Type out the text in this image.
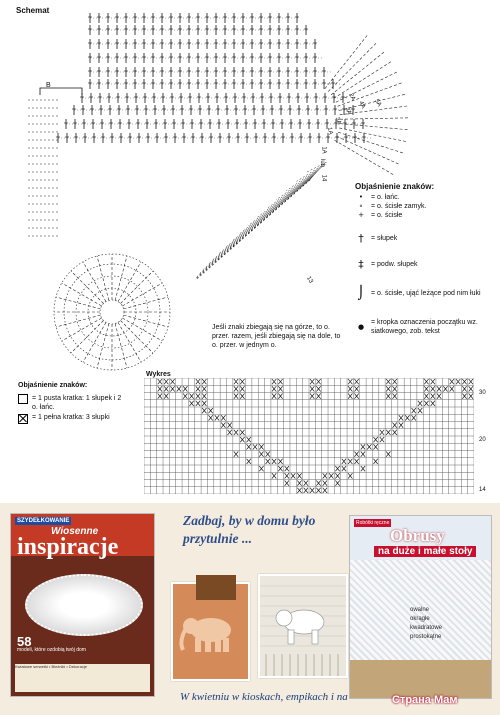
Schemat
B
3A
3A
1A
5A
4A
2A
1A
lub
14
13
Objaśnienie znaków:
•	= o. łańc.
∘	= o. ścisłe zamyk.
+	= o. ścisłe
†	= słupek
‡	= podw. słupek
⌡ = o. ścisłe, ująć leżące pod nim łuki
● = kropka oznaczenia początku wz. siatkowego, zob. tekst
Jeśli znaki zbiegają się na górze, to o. przer. razem, jeśli zbiegają się na dole, to o. przer. w jednym o.
Objaśnienie znaków:
= 1 pusta kratka: 1 słupek i 2 o. łańc.
= 1 pełna kratka: 3 słupki
Wykres
30
20
14
SZYDEŁKOWANIE
Wiosenne
inspiracje
58
modeli, które ozdobią twój dom
Kwiatowe serwetki • Bieżniki • Dekoracje
Zadbaj, by w domu było przytulnie ...
Robótki ręczne
Obrusy
na duże i małe stoły
owalne
okrągłe
kwadratowe
prostokątne
W kwietniu w kioskach, empikach i na	Страна Мам
